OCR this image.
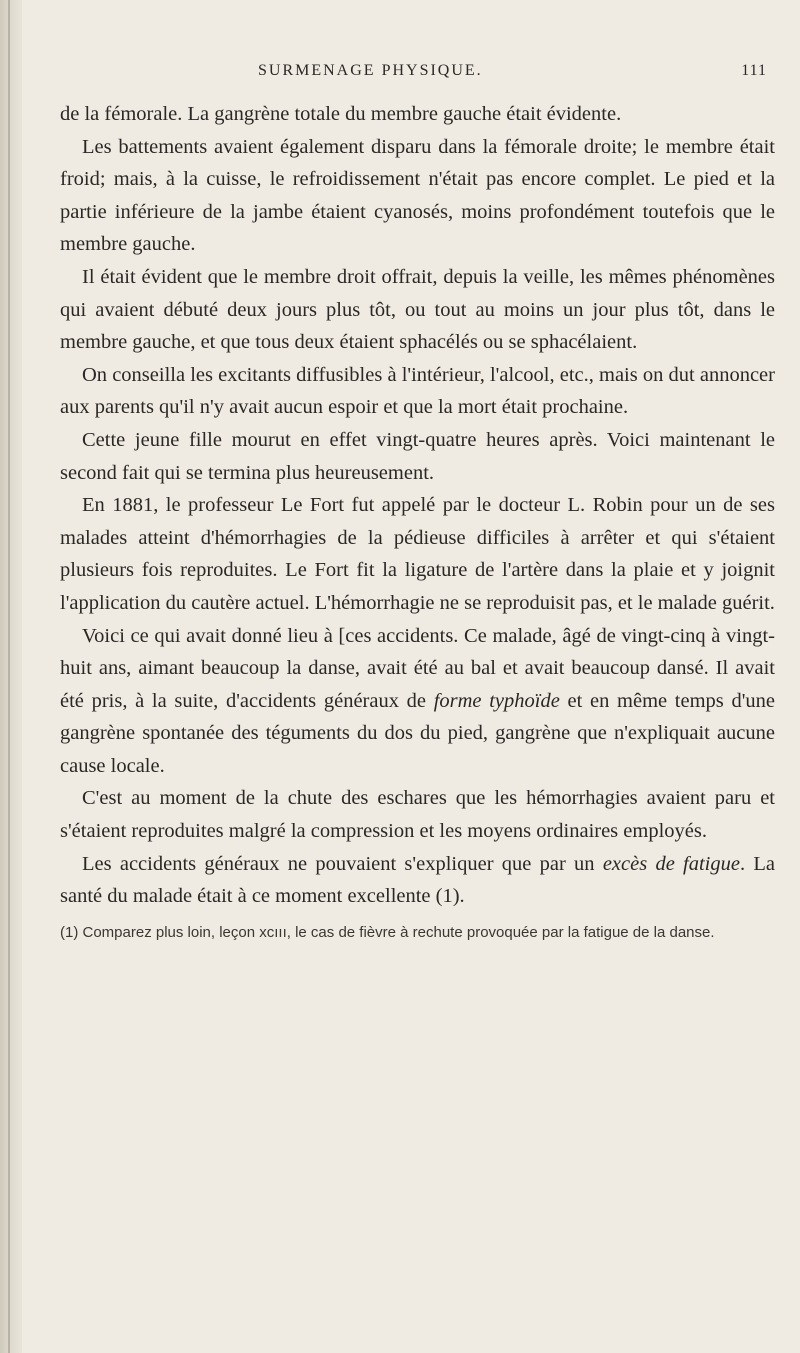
SURMENAGE PHYSIQUE.	111

de la fémorale. La gangrène totale du membre gauche était évidente.

Les battements avaient également disparu dans la fémorale droite; le membre était froid; mais, à la cuisse, le refroidissement n'était pas encore complet. Le pied et la partie inférieure de la jambe étaient cyanosés, moins profondément toutefois que le membre gauche.

Il était évident que le membre droit offrait, depuis la veille, les mêmes phénomènes qui avaient débuté deux jours plus tôt, ou tout au moins un jour plus tôt, dans le membre gauche, et que tous deux étaient sphacélés ou se sphacélaient.

On conseilla les excitants diffusibles à l'intérieur, l'alcool, etc., mais on dut annoncer aux parents qu'il n'y avait aucun espoir et que la mort était prochaine.

Cette jeune fille mourut en effet vingt-quatre heures après. Voici maintenant le second fait qui se termina plus heureusement.

En 1881, le professeur Le Fort fut appelé par le docteur L. Robin pour un de ses malades atteint d'hémorrhagies de la pédieuse difficiles à arrêter et qui s'étaient plusieurs fois reproduites. Le Fort fit la ligature de l'artère dans la plaie et y joignit l'application du cautère actuel. L'hémorrhagie ne se reproduisit pas, et le malade guérit.

Voici ce qui avait donné lieu à [ces accidents. Ce malade, âgé de vingt-cinq à vingt-huit ans, aimant beaucoup la danse, avait été au bal et avait beaucoup dansé. Il avait été pris, à la suite, d'accidents généraux de forme typhoïde et en même temps d'une gangrène spontanée des téguments du dos du pied, gangrène que n'expliquait aucune cause locale.

C'est au moment de la chute des eschares que les hémorrhagies avaient paru et s'étaient reproduites malgré la compression et les moyens ordinaires employés.

Les accidents généraux ne pouvaient s'expliquer que par un excès de fatigue. La santé du malade était à ce moment excellente (1).

(1) Comparez plus loin, leçon xcııı, le cas de fièvre à rechute provoquée par la fatigue de la danse.
